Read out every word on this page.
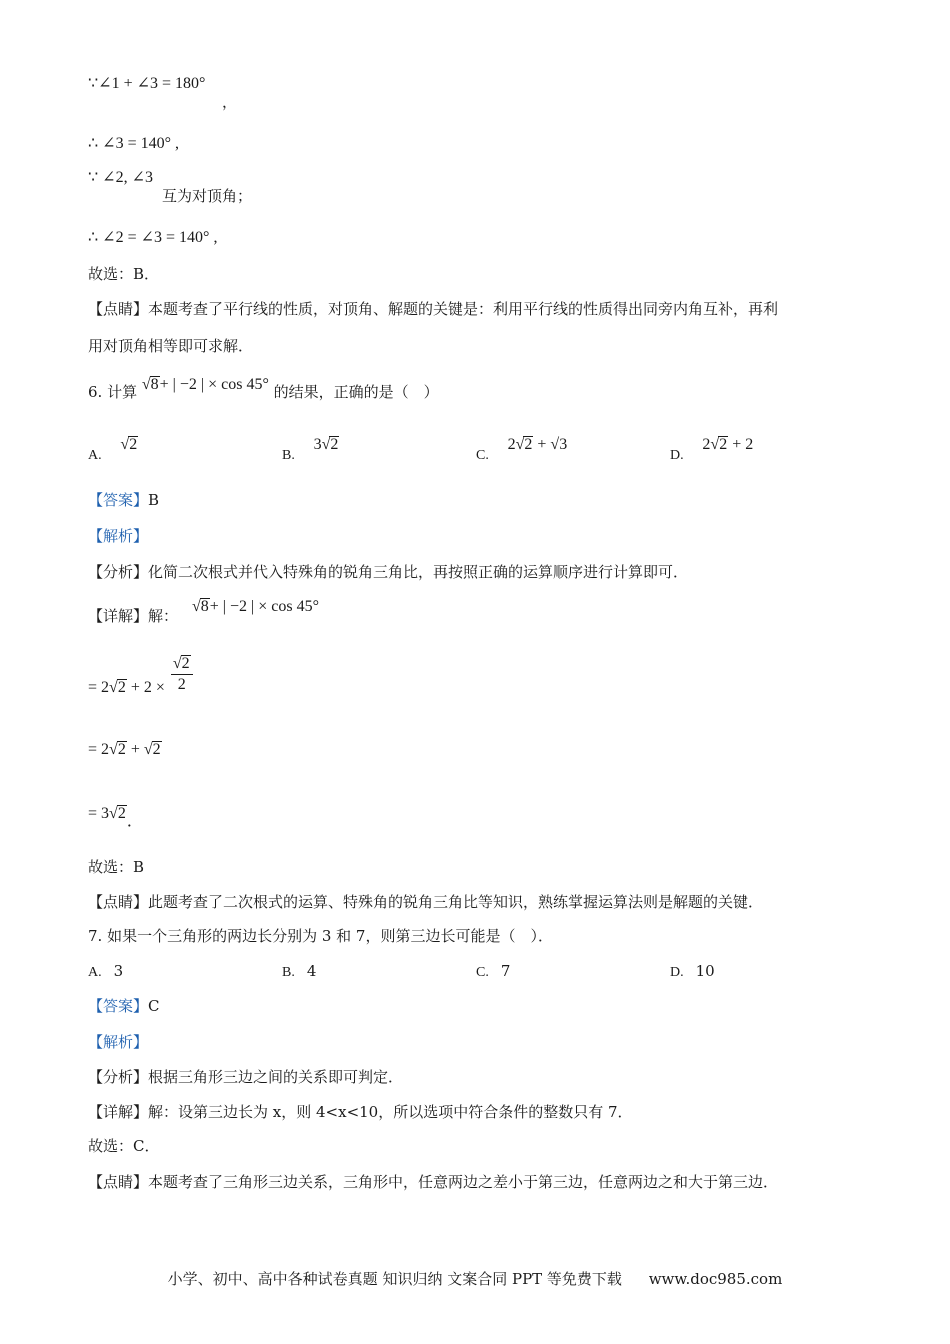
∵∠1 + ∠3 = 180°
，
∴ ∠3 = 140° ,
∵ ∠2, ∠3
互为对顶角；
∴ ∠2 = ∠3 = 140° ,
故选：B．
【点睛】本题考查了平行线的性质，对顶角、解题的关键是：利用平行线的性质得出同旁内角互补，再利
用对顶角相等即可求解．
6. 计算 √8+ | −2 | × cos 45° 的结果，正确的是（　）
A. √2
B. 3√2
C. 2√2 + √3
D. 2√2 + 2
【答案】B
【解析】
【分析】化简二次根式并代入特殊角的锐角三角比，再按照正确的运算顺序进行计算即可．
【详解】解：
√8+ | −2 | × cos 45°
= $2√2 + 2 \times \frac{√2}{2}$
= 2√2 + √2
= 3√2．
故选：B
【点睛】此题考查了二次根式的运算、特殊角的锐角三角比等知识，熟练掌握运算法则是解题的关键．
7. 如果一个三角形的两边长分别为 3 和 7，则第三边长可能是（　）．
A. 3	B. 4	C. 7	D. 10
【答案】C
【解析】
【分析】根据三角形三边之间的关系即可判定．
【详解】解：设第三边长为 x，则 4<x<10，所以选项中符合条件的整数只有 7．
故选：C．
【点睛】本题考查了三角形三边关系，三角形中，任意两边之差小于第三边，任意两边之和大于第三边．
小学、初中、高中各种试卷真题 知识归纳 文案合同 PPT 等免费下载 www.doc985.com
